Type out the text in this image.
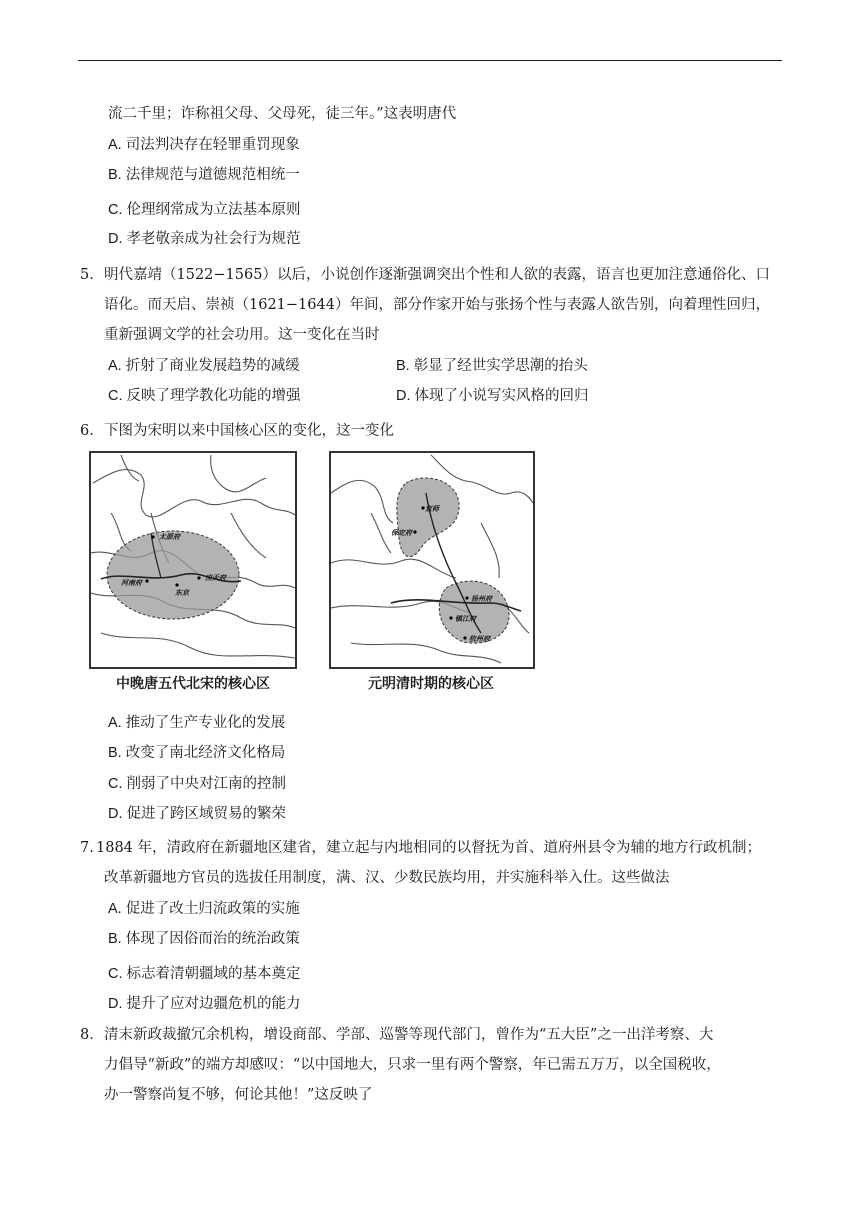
流二千里；诈称祖父母、父母死，徒三年。”这表明唐代
A. 司法判决存在轻罪重罚现象
B. 法律规范与道德规范相统一
C. 伦理纲常成为立法基本原则
D. 孝老敬亲成为社会行为规范
5． 明代嘉靖（1522−1565）以后，小说创作逐渐强调突出个性和人欲的表露，语言也更加注意通俗化、口
语化。而天启、崇祯（1621−1644）年间，部分作家开始与张扬个性与表露人欲告别，向着理性回归，
重新强调文学的社会功用。这一变化在当时
A. 折射了商业发展趋势的减缓	B. 彰显了经世实学思潮的抬头
C. 反映了理学教化功能的增强	D. 体现了小说写实风格的回归
6． 下图为宋明以来中国核心区的变化，这一变化
太原府
河南府
应天府
东京
中晚唐五代北宋的核心区
京师
保定府
扬州府
镇江府
杭州府
元明清时期的核心区
A. 推动了生产专业化的发展
B. 改变了南北经济文化格局
C. 削弱了中央对江南的控制
D. 促进了跨区域贸易的繁荣
7. 1884 年，清政府在新疆地区建省，建立起与内地相同的以督抚为首、道府州县令为辅的地方行政机制；
改革新疆地方官员的选拔任用制度，满、汉、少数民族均用，并实施科举入仕。这些做法
A. 促进了改土归流政策的实施
B. 体现了因俗而治的统治政策
C. 标志着清朝疆域的基本奠定
D. 提升了应对边疆危机的能力
8． 清末新政裁撤冗余机构，增设商部、学部、巡警等现代部门，曾作为“五大臣”之一出洋考察、大
力倡导“新政”的端方却感叹：“以中国地大，只求一里有两个警察，年已需五万万，以全国税收，
办一警察尚复不够，何论其他！”这反映了
